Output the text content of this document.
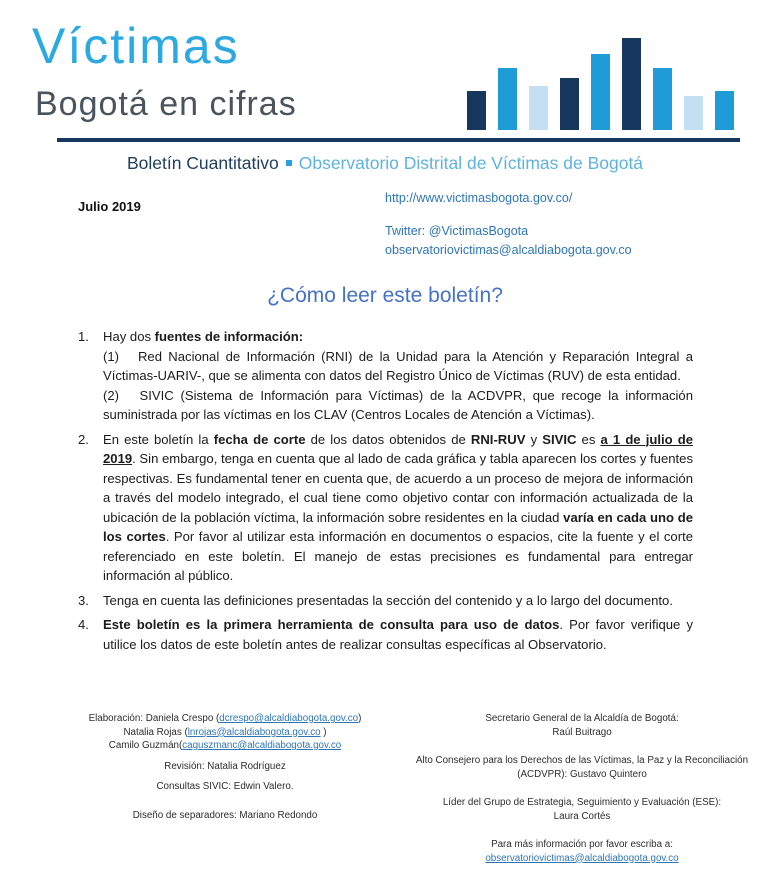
Víctimas
Bogotá en cifras
Boletín Cuantitativo Observatorio Distrital de Víctimas de Bogotá
Julio 2019
http://www.victimasbogota.gov.co/
Twitter: @VictimasBogota
observatoriovictimas@alcaldiabogota.gov.co
¿Cómo leer este boletín?
1.	Hay dos fuentes de información:

(1)   Red Nacional de Información (RNI) de la Unidad para la Atención y Reparación Integral a Víctimas-UARIV-, que se alimenta con datos del Registro Único de Víctimas (RUV) de esta entidad.

(2)   SIVIC (Sistema de Información para Víctimas) de la ACDVPR, que recoge la información suministrada por las víctimas en los CLAV (Centros Locales de Atención a Víctimas).

2.	En este boletín la fecha de corte de los datos obtenidos de RNI-RUV y SIVIC es a 1 de julio de 2019. Sin embargo, tenga en cuenta que al lado de cada gráfica y tabla aparecen los cortes y fuentes respectivas. Es fundamental tener en cuenta que, de acuerdo a un proceso de mejora de información a través del modelo integrado, el cual tiene como objetivo contar con información actualizada de la ubicación de la población víctima, la información sobre residentes en la ciudad varía en cada uno de los cortes. Por favor al utilizar esta información en documentos o espacios, cite la fuente y el corte referenciado en este boletín. El manejo de estas precisiones es fundamental para entregar información al público.

3.	Tenga en cuenta las definiciones presentadas la sección del contenido y a lo largo del documento.

4.	Este boletín es la primera herramienta de consulta para uso de datos. Por favor verifique y utilice los datos de este boletín antes de realizar consultas específicas al Observatorio.

Elaboración: Daniela Crespo (dcrespo@alcaldiabogota.gov.co)
Natalia Rojas (lnrojas@alcaldiabogota.gov.co )
Camilo Guzmán(caguszmanc@alcaldiabogota.gov.co
Revisión: Natalia Rodríguez
Consultas SIVIC: Edwin Valero.
Diseño de separadores: Mariano Redondo
Secretario General de la Alcaldía de Bogotá:
Raúl Buitrago
Alto Consejero para los Derechos de las Víctimas, la Paz y la Reconciliación (ACDVPR): Gustavo Quintero
Líder del Grupo de Estrategia, Seguimiento y Evaluación (ESE):
Laura Cortés
Para más información por favor escriba a:
observatoriovictimas@alcaldiabogota.gov.co
